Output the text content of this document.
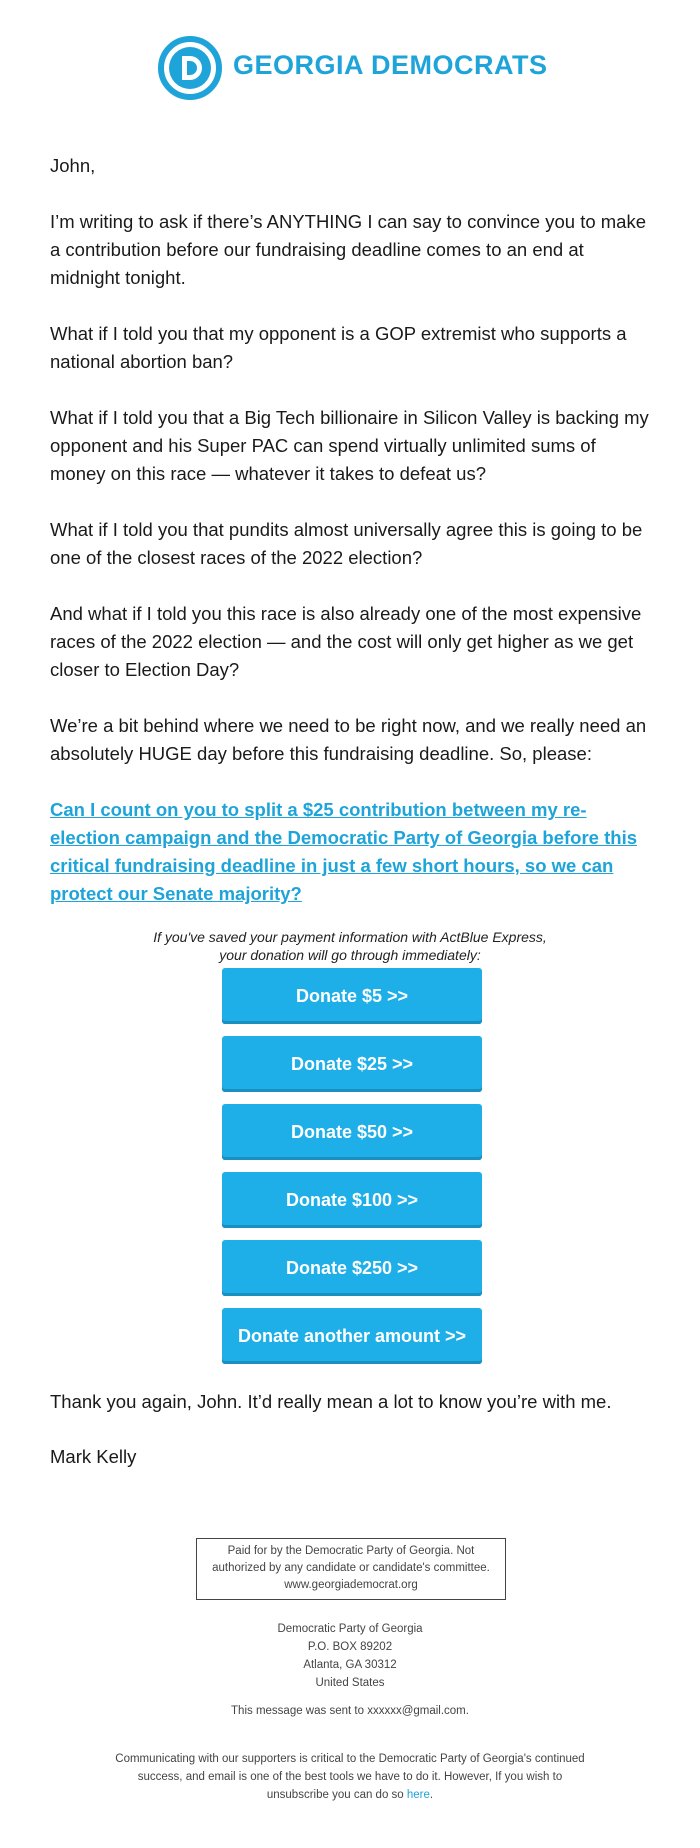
GEORGIA DEMOCRATS

John,

I’m writing to ask if there’s ANYTHING I can say to convince you to make a contribution before our fundraising deadline comes to an end at midnight tonight.

What if I told you that my opponent is a GOP extremist who supports a national abortion ban?

What if I told you that a Big Tech billionaire in Silicon Valley is backing my opponent and his Super PAC can spend virtually unlimited sums of money on this race — whatever it takes to defeat us?

What if I told you that pundits almost universally agree this is going to be one of the closest races of the 2022 election?

And what if I told you this race is also already one of the most expensive races of the 2022 election — and the cost will only get higher as we get closer to Election Day?

We’re a bit behind where we need to be right now, and we really need an absolutely HUGE day before this fundraising deadline. So, please:

Can I count on you to split a $25 contribution between my re-election campaign and the Democratic Party of Georgia before this critical fundraising deadline in just a few short hours, so we can protect our Senate majority?

If you've saved your payment information with ActBlue Express,
your donation will go through immediately:
Donate $5 >>
Donate $25 >>
Donate $50 >>
Donate $100 >>
Donate $250 >>
Donate another amount >>
Thank you again, John. It’d really mean a lot to know you’re with me.
Mark Kelly
Paid for by the Democratic Party of Georgia. Not
authorized by any candidate or candidate's committee.
www.georgiademocrat.org
Democratic Party of Georgia
P.O. BOX 89202
Atlanta, GA 30312
United States
This message was sent to xxxxxx@gmail.com.
Communicating with our supporters is critical to the Democratic Party of Georgia's continued
success, and email is one of the best tools we have to do it. However, If you wish to
unsubscribe you can do so here.
